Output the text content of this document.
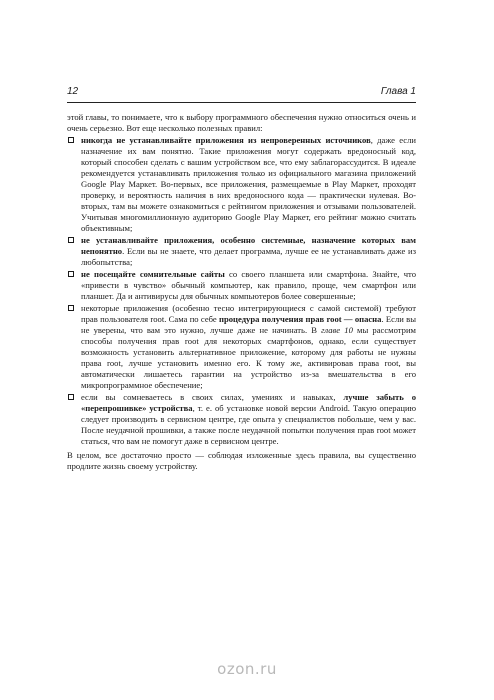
12	Глава 1

этой главы, то понимаете, что к выбору программного обеспечения нужно относиться очень и очень серьезно. Вот еще несколько полезных правил:

никогда не устанавливайте приложения из непроверенных источников, даже если назначение их вам понятно. Такие приложения могут содержать вредоносный код, который способен сделать с вашим устройством все, что ему заблагорассудится. В идеале рекомендуется устанавливать приложения только из официального магазина приложений Google Play Маркет. Во-первых, все приложения, размещаемые в Play Маркет, проходят проверку, и вероятность наличия в них вредоносного кода — практически нулевая. Во-вторых, там вы можете ознакомиться с рейтингом приложения и отзывами пользователей. Учитывая многомиллионную аудиторию Google Play Маркет, его рейтинг можно считать объективным;
не устанавливайте приложения, особенно системные, назначение которых вам непонятно. Если вы не знаете, что делает программа, лучше ее не устанавливать даже из любопытства;
не посещайте сомнительные сайты со своего планшета или смартфона. Знайте, что «привести в чувство» обычный компьютер, как правило, проще, чем смартфон или планшет. Да и антивирусы для обычных компьютеров более совершенные;
некоторые приложения (особенно тесно интегрирующиеся с самой системой) требуют прав пользователя root. Сама по себе процедура получения прав root — опасна. Если вы не уверены, что вам это нужно, лучше даже не начинать. В главе 10 мы рассмотрим способы получения прав root для некоторых смартфонов, однако, если существует возможность установить альтернативное приложение, которому для работы не нужны права root, лучше установить именно его. К тому же, активировав права root, вы автоматически лишаетесь гарантии на устройство из-за вмешательства в его микропрограммное обеспечение;
если вы сомневаетесь в своих силах, умениях и навыках, лучше забыть о «перепрошивке» устройства, т. е. об установке новой версии Android. Такую операцию следует производить в сервисном центре, где опыта у специалистов побольше, чем у вас. После неудачной прошивки, а также после неудачной попытки получения прав root может статься, что вам не помогут даже в сервисном центре.

В целом, все достаточно просто — соблюдая изложенные здесь правила, вы существенно продлите жизнь своему устройству.

ozon.ru
